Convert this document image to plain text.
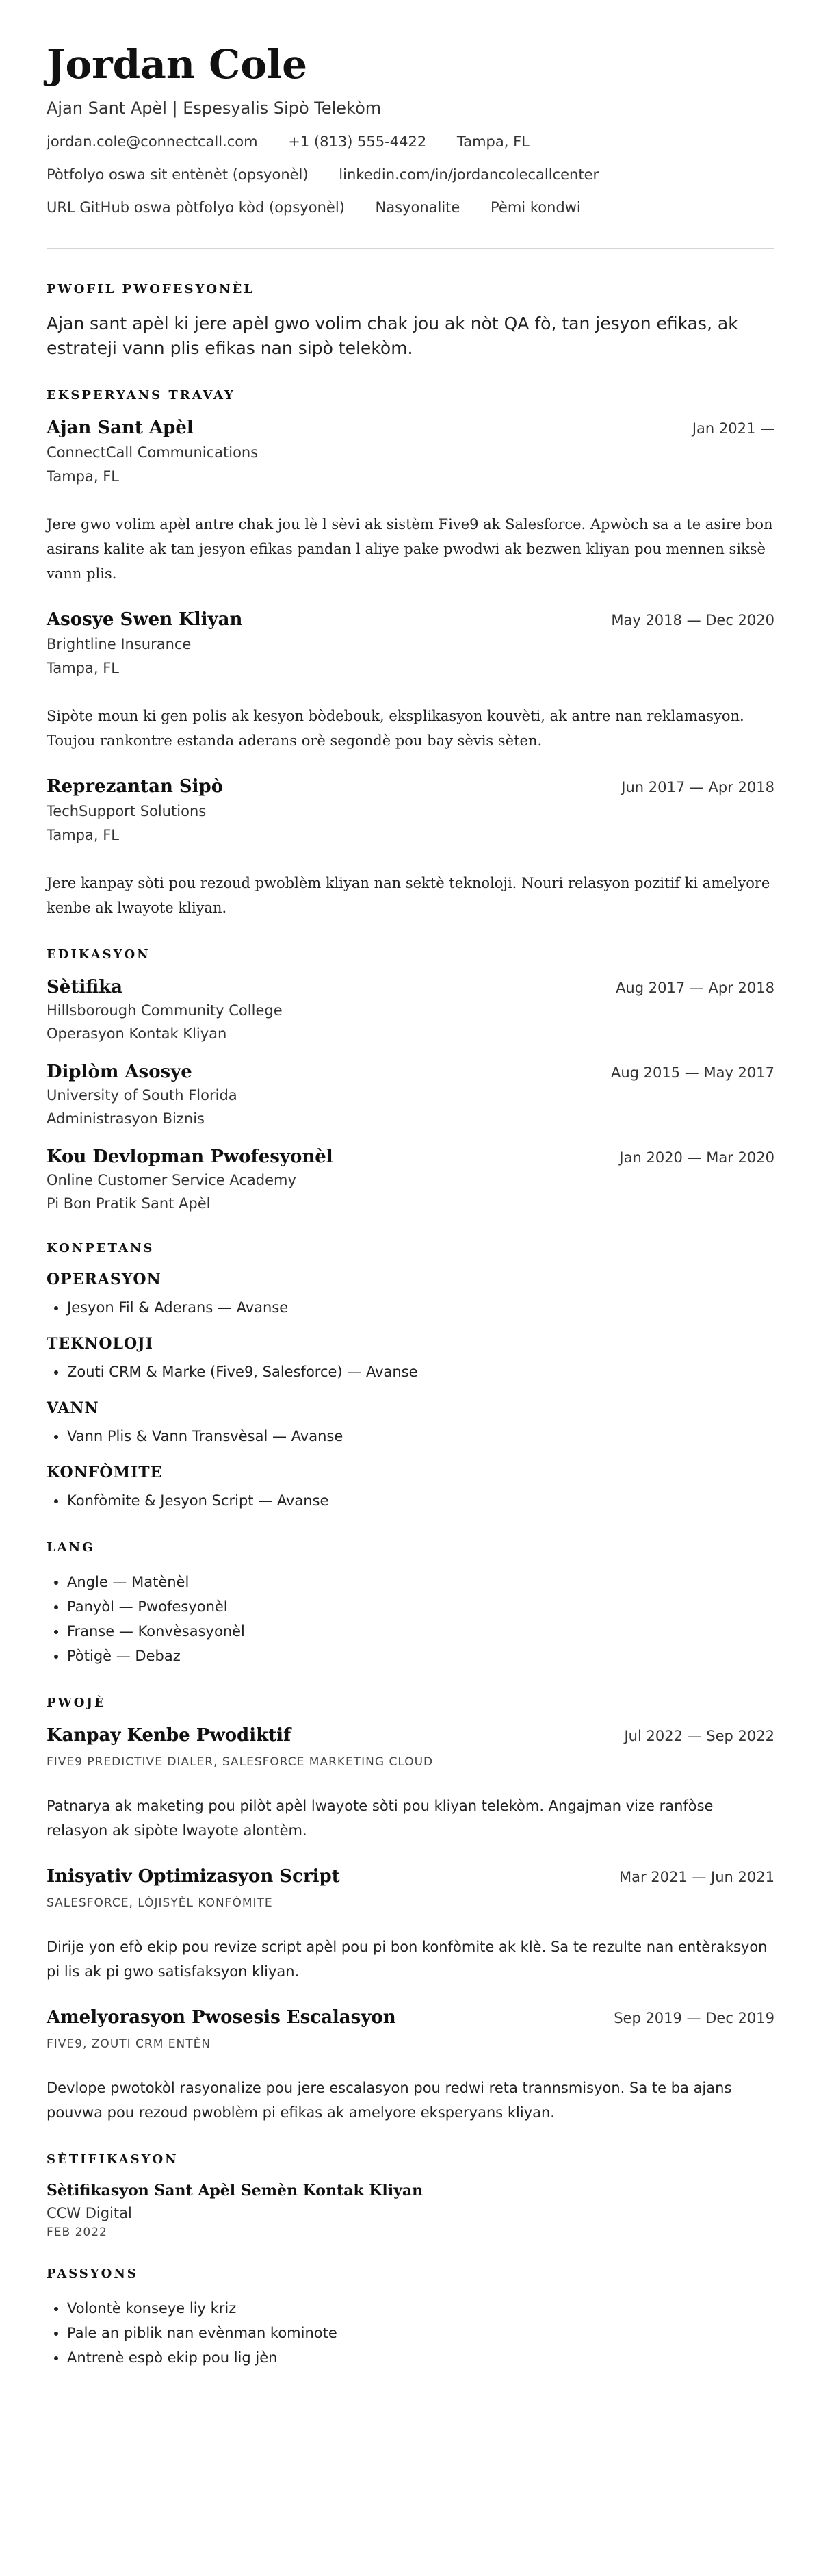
Jordan Cole
Ajan Sant Apèl | Espesyalis Sipò Telekòm
jordan.cole@connectcall.com +1 (813) 555-4422 Tampa, FL
Pòtfolyo oswa sit entènèt (opsyonèl) linkedin.com/in/jordancolecallcenter
URL GitHub oswa pòtfolyo kòd (opsyonèl) Nasyonalite Pèmi kondwi
PWOFIL PWOFESYONÈL
Ajan sant apèl ki jere apèl gwo volim chak jou ak nòt QA fò, tan jesyon efikas, ak estrateji vann plis efikas nan sipò telekòm.
EKSPERYANS TRAVAY
Ajan Sant Apèl	Jan 2021 —
ConnectCall Communications
Tampa, FL
Jere gwo volim apèl antre chak jou lè l sèvi ak sistèm Five9 ak Salesforce. Apwòch sa a te asire bon asirans kalite ak tan jesyon efikas pandan l aliye pake pwodwi ak bezwen kliyan pou mennen siksè vann plis.
Asosye Swen Kliyan	May 2018 — Dec 2020
Brightline Insurance
Tampa, FL
Sipòte moun ki gen polis ak kesyon bòdebouk, eksplikasyon kouvèti, ak antre nan reklamasyon. Toujou rankontre estanda aderans orè segondè pou bay sèvis sèten.
Reprezantan Sipò	Jun 2017 — Apr 2018
TechSupport Solutions
Tampa, FL
Jere kanpay sòti pou rezoud pwoblèm kliyan nan sektè teknoloji. Nouri relasyon pozitif ki amelyore kenbe ak lwayote kliyan.
EDIKASYON
Sètifika	Aug 2017 — Apr 2018
Hillsborough Community College
Operasyon Kontak Kliyan
Diplòm Asosye	Aug 2015 — May 2017
University of South Florida
Administrasyon Biznis
Kou Devlopman Pwofesyonèl	Jan 2020 — Mar 2020
Online Customer Service Academy
Pi Bon Pratik Sant Apèl
KONPETANS
OPERASYON
• Jesyon Fil & Aderans — Avanse
TEKNOLOJI
• Zouti CRM & Marke (Five9, Salesforce) — Avanse
VANN
• Vann Plis & Vann Transvèsal — Avanse
KONFÒMITE
• Konfòmite & Jesyon Script — Avanse
LANG
• Angle — Matènèl
• Panyòl — Pwofesyonèl
• Franse — Konvèsasyonèl
• Pòtigè — Debaz
PWOJÈ
Kanpay Kenbe Pwodiktif	Jul 2022 — Sep 2022
FIVE9 PREDICTIVE DIALER, SALESFORCE MARKETING CLOUD
Patnarya ak maketing pou pilòt apèl lwayote sòti pou kliyan telekòm. Angajman vize ranfòse relasyon ak sipòte lwayote alontèm.
Inisyativ Optimizasyon Script	Mar 2021 — Jun 2021
SALESFORCE, LÒJISYÈL KONFÒMITE
Dirije yon efò ekip pou revize script apèl pou pi bon konfòmite ak klè. Sa te rezulte nan entèraksyon pi lis ak pi gwo satisfaksyon kliyan.
Amelyorasyon Pwosesis Escalasyon	Sep 2019 — Dec 2019
FIVE9, ZOUTI CRM ENTÈN
Devlope pwotokòl rasyonalize pou jere escalasyon pou redwi reta trannsmisyon. Sa te ba ajans pouvwa pou rezoud pwoblèm pi efikas ak amelyore eksperyans kliyan.
SÈTIFIKASYON
Sètifikasyon Sant Apèl Semèn Kontak Kliyan
CCW Digital
FEB 2022
PASSYONS
• Volontè konseye liy kriz
• Pale an piblik nan evènman kominote
• Antrenè espò ekip pou lig jèn
